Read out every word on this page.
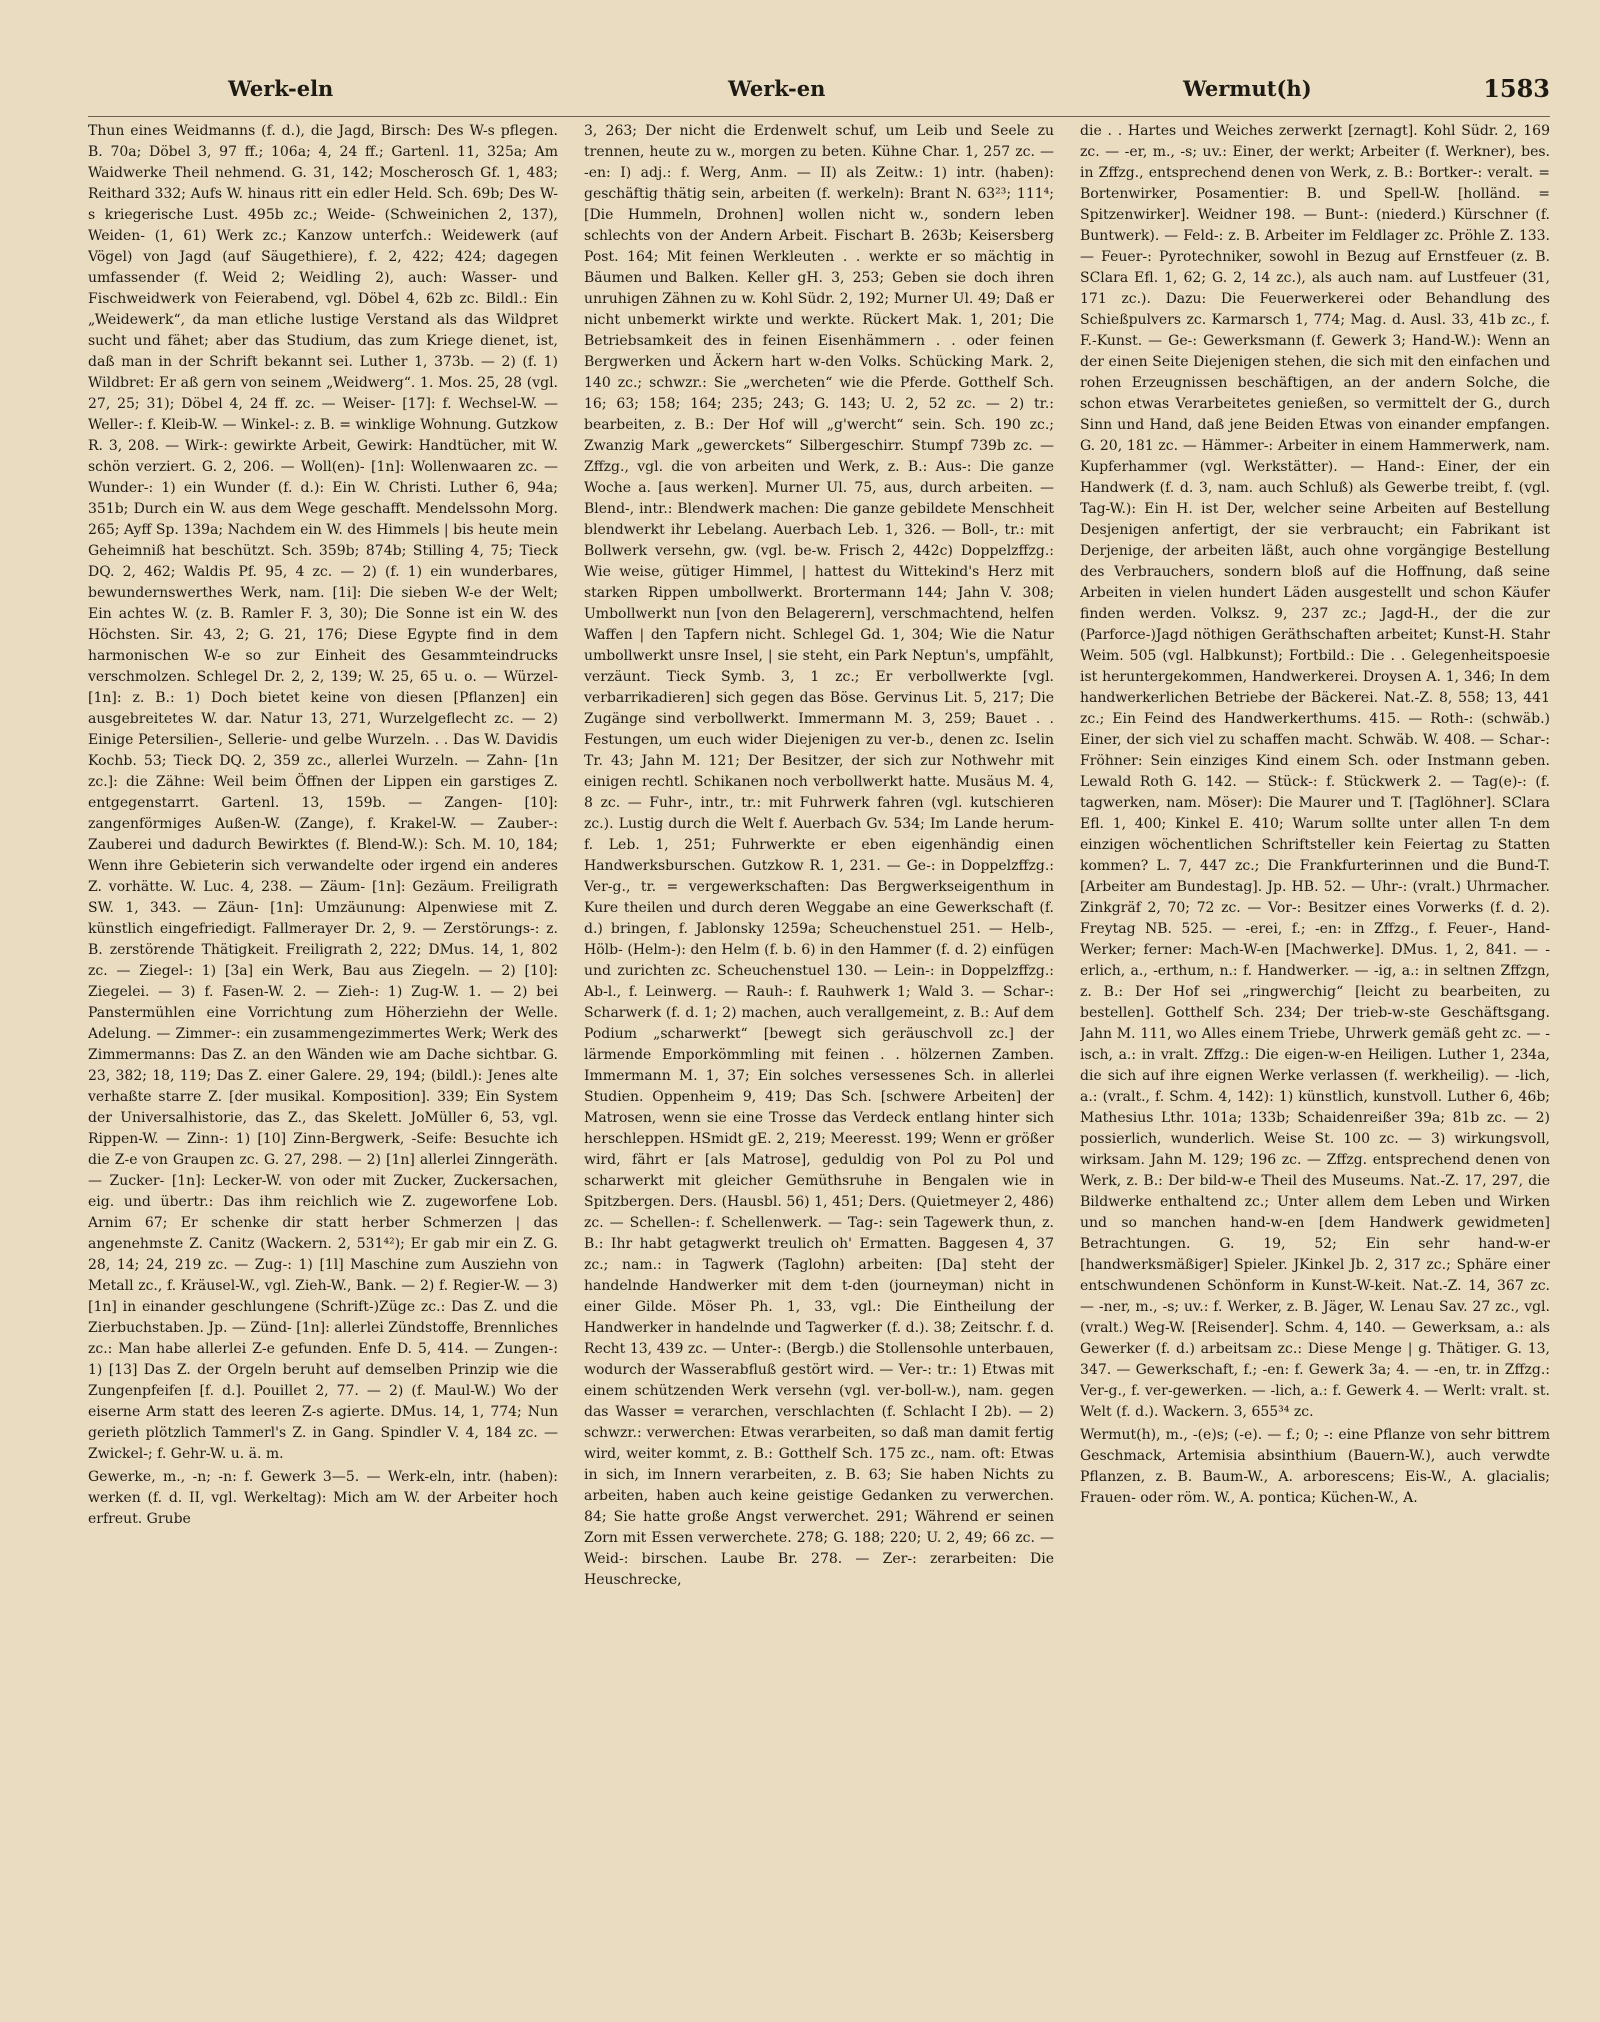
Werk-eln	Werk-en	Wermut(h)	1583

Thun eines Weidmanns (f. d.), die Jagd, Birsch: Des W-s pflegen. B. 70a; Döbel 3, 97 ff.; 106a; 4, 24 ff.; Gartenl. 11, 325a; Am Waidwerke Theil nehmend. G. 31, 142; Moscherosch Gf. 1, 483; Reithard 332; Aufs W. hinaus ritt ein edler Held. Sch. 69b; Des W-s kriegerische Lust. 495b zc.; Weide- (Schweinichen 2, 137), Weiden- (1, 61) Werk zc.; Kanzow unterfch.: Weidewerk (auf Vögel) von Jagd (auf Säugethiere), f. 2, 422; 424; dagegen umfassender (f. Weid 2; Weidling 2), auch: Wasser- und Fischweidwerk von Feierabend, vgl. Döbel 4, 62b zc. Bildl.: Ein „Weidewerk“, da man etliche lustige Verstand als das Wildpret sucht und fähet; aber das Studium, das zum Kriege dienet, ist, daß man in der Schrift bekannt sei. Luther 1, 373b. — 2) (f. 1) Wildbret: Er aß gern von seinem „Weidwerg“. 1. Mos. 25, 28 (vgl. 27, 25; 31); Döbel 4, 24 ff. zc. — Weiser- [17]: f. Wechsel-W. — Weller-: f. Kleib-W. — Winkel-: z. B. = winklige Wohnung. Gutzkow R. 3, 208. — Wirk-: gewirkte Arbeit, Gewirk: Handtücher, mit W. schön verziert. G. 2, 206. — Woll(en)- [1n]: Wollenwaaren zc. — Wunder-: 1) ein Wunder (f. d.): Ein W. Christi. Luther 6, 94a; 351b; Durch ein W. aus dem Wege geschafft. Mendelssohn Morg. 265; Ayff Sp. 139a; Nachdem ein W. des Himmels | bis heute mein Geheimniß hat beschützt. Sch. 359b; 874b; Stilling 4, 75; Tieck DQ. 2, 462; Waldis Pf. 95, 4 zc. — 2) (f. 1) ein wunderbares, bewundernswerthes Werk, nam. [1i]: Die sieben W-e der Welt; Ein achtes W. (z. B. Ramler F. 3, 30); Die Sonne ist ein W. des Höchsten. Sir. 43, 2; G. 21, 176; Diese Egypte find in dem harmonischen W-e so zur Einheit des Gesammteindrucks verschmolzen. Schlegel Dr. 2, 2, 139; W. 25, 65 u. o. — Würzel- [1n]: z. B.: 1) Doch bietet keine von diesen [Pflanzen] ein ausgebreitetes W. dar. Natur 13, 271, Wurzelgeflecht zc. — 2) Einige Petersilien-, Sellerie- und gelbe Wurzeln. . . Das W. Davidis Kochb. 53; Tieck DQ. 2, 359 zc., allerlei Wurzeln. — Zahn- [1n zc.]: die Zähne: Weil beim Öffnen der Lippen ein garstiges Z. entgegenstarrt. Gartenl. 13, 159b. — Zangen- [10]: zangenförmiges Außen-W. (Zange), f. Krakel-W. — Zauber-: Zauberei und dadurch Bewirktes (f. Blend-W.): Sch. M. 10, 184; Wenn ihre Gebieterin sich verwandelte oder irgend ein anderes Z. vorhätte. W. Luc. 4, 238. — Zäum- [1n]: Gezäum. Freiligrath SW. 1, 343. — Zäun- [1n]: Umzäunung: Alpenwiese mit Z. künstlich eingefriedigt. Fallmerayer Dr. 2, 9. — Zerstörungs-: z. B. zerstörende Thätigkeit. Freiligrath 2, 222; DMus. 14, 1, 802 zc. — Ziegel-: 1) [3a] ein Werk, Bau aus Ziegeln. — 2) [10]: Ziegelei. — 3) f. Fasen-W. 2. — Zieh-: 1) Zug-W. 1. — 2) bei Panstermühlen eine Vorrichtung zum Höherziehn der Welle. Adelung. — Zimmer-: ein zusammengezimmertes Werk; Werk des Zimmermanns: Das Z. an den Wänden wie am Dache sichtbar. G. 23, 382; 18, 119; Das Z. einer Galere. 29, 194; (bildl.): Jenes alte verhaßte starre Z. [der musikal. Komposition]. 339; Ein System der Universalhistorie, das Z., das Skelett. JoMüller 6, 53, vgl. Rippen-W. — Zinn-: 1) [10] Zinn-Bergwerk, -Seife: Besuchte ich die Z-e von Graupen zc. G. 27, 298. — 2) [1n] allerlei Zinngeräth. — Zucker- [1n]: Lecker-W. von oder mit Zucker, Zuckersachen, eig. und übertr.: Das ihm reichlich wie Z. zugeworfene Lob. Arnim 67; Er schenke dir statt herber Schmerzen | das angenehmste Z. Canitz (Wackern. 2, 531⁴²); Er gab mir ein Z. G. 28, 14; 24, 219 zc. — Zug-: 1) [1l] Maschine zum Ausziehn von Metall zc., f. Kräusel-W., vgl. Zieh-W., Bank. — 2) f. Regier-W. — 3) [1n] in einander geschlungene (Schrift-)Züge zc.: Das Z. und die Zierbuchstaben. Jp. — Zünd- [1n]: allerlei Zündstoffe, Brennliches zc.: Man habe allerlei Z-e gefunden. Enfe D. 5, 414. — Zungen-: 1) [13] Das Z. der Orgeln beruht auf demselben Prinzip wie die Zungenpfeifen [f. d.]. Pouillet 2, 77. — 2) (f. Maul-W.) Wo der eiserne Arm statt des leeren Z-s agierte. DMus. 14, 1, 774; Nun gerieth plötzlich Tammerl's Z. in Gang. Spindler V. 4, 184 zc. — Zwickel-; f. Gehr-W. u. ä. m.

Gewerke, m., -n; -n: f. Gewerk 3—5. — Werk-eln, intr. (haben): werken (f. d. II, vgl. Werkeltag): Mich am W. der Arbeiter hoch erfreut. Grube

3, 263; Der nicht die Erdenwelt schuf, um Leib und Seele zu trennen, heute zu w., morgen zu beten. Kühne Char. 1, 257 zc. — -en: I) adj.: f. Werg, Anm. — II) als Zeitw.: 1) intr. (haben): geschäftig thätig sein, arbeiten (f. werkeln): Brant N. 63²³; 111⁴; [Die Hummeln, Drohnen] wollen nicht w., sondern leben schlechts von der Andern Arbeit. Fischart B. 263b; Keisersberg Post. 164; Mit feinen Werkleuten . . werkte er so mächtig in Bäumen und Balken. Keller gH. 3, 253; Geben sie doch ihren unruhigen Zähnen zu w. Kohl Südr. 2, 192; Murner Ul. 49; Daß er nicht unbemerkt wirkte und werkte. Rückert Mak. 1, 201; Die Betriebsamkeit des in feinen Eisenhämmern . . oder feinen Bergwerken und Äckern hart w-den Volks. Schücking Mark. 2, 140 zc.; schwzr.: Sie „wercheten“ wie die Pferde. Gotthelf Sch. 16; 63; 158; 164; 235; 243; G. 143; U. 2, 52 zc. — 2) tr.: bearbeiten, z. B.: Der Hof will „g'wercht“ sein. Sch. 190 zc.; Zwanzig Mark „gewerckets“ Silbergeschirr. Stumpf 739b zc. — Zffzg., vgl. die von arbeiten und Werk, z. B.: Aus-: Die ganze Woche a. [aus werken]. Murner Ul. 75, aus, durch arbeiten. — Blend-, intr.: Blendwerk machen: Die ganze gebildete Menschheit blendwerkt ihr Lebelang. Auerbach Leb. 1, 326. — Boll-, tr.: mit Bollwerk versehn, gw. (vgl. be-w. Frisch 2, 442c) Doppelzffzg.: Wie weise, gütiger Himmel, | hattest du Wittekind's Herz mit starken Rippen umbollwerkt. Brortermann 144; Jahn V. 308; Umbollwerkt nun [von den Belagerern], verschmachtend, helfen Waffen | den Tapfern nicht. Schlegel Gd. 1, 304; Wie die Natur umbollwerkt unsre Insel, | sie steht, ein Park Neptun's, umpfählt, verzäunt. Tieck Symb. 3, 1 zc.; Er verbollwerkte [vgl. verbarrikadieren] sich gegen das Böse. Gervinus Lit. 5, 217; Die Zugänge sind verbollwerkt. Immermann M. 3, 259; Bauet . . Festungen, um euch wider Diejenigen zu ver-b., denen zc. Iselin Tr. 43; Jahn M. 121; Der Besitzer, der sich zur Nothwehr mit einigen rechtl. Schikanen noch verbollwerkt hatte. Musäus M. 4, 8 zc. — Fuhr-, intr., tr.: mit Fuhrwerk fahren (vgl. kutschieren zc.). Lustig durch die Welt f. Auerbach Gv. 534; Im Lande herum-f. Leb. 1, 251; Fuhrwerkte er eben eigenhändig einen Handwerksburschen. Gutzkow R. 1, 231. — Ge-: in Doppelzffzg.: Ver-g., tr. = vergewerkschaften: Das Bergwerkseigenthum in Kure theilen und durch deren Weggabe an eine Gewerkschaft (f. d.) bringen, f. Jablonsky 1259a; Scheuchenstuel 251. — Helb-, Hölb- (Helm-): den Helm (f. b. 6) in den Hammer (f. d. 2) einfügen und zurichten zc. Scheuchenstuel 130. — Lein-: in Doppelzffzg.: Ab-l., f. Leinwerg. — Rauh-: f. Rauhwerk 1; Wald 3. — Schar-: Scharwerk (f. d. 1; 2) machen, auch verallgemeint, z. B.: Auf dem Podium „scharwerkt“ [bewegt sich geräuschvoll zc.] der lärmende Emporkömmling mit feinen . . hölzernen Zamben. Immermann M. 1, 37; Ein solches versessenes Sch. in allerlei Studien. Oppenheim 9, 419; Das Sch. [schwere Arbeiten] der Matrosen, wenn sie eine Trosse das Verdeck entlang hinter sich herschleppen. HSmidt gE. 2, 219; Meeresst. 199; Wenn er größer wird, fährt er [als Matrose], geduldig von Pol zu Pol und scharwerkt mit gleicher Gemüthsruhe in Bengalen wie in Spitzbergen. Ders. (Hausbl. 56) 1, 451; Ders. (Quietmeyer 2, 486) zc. — Schellen-: f. Schellenwerk. — Tag-: sein Tagewerk thun, z. B.: Ihr habt getagwerkt treulich oh' Ermatten. Baggesen 4, 37 zc.; nam.: in Tagwerk (Taglohn) arbeiten: [Da] steht der handelnde Handwerker mit dem t-den (journeyman) nicht in einer Gilde. Möser Ph. 1, 33, vgl.: Die Eintheilung der Handwerker in handelnde und Tagwerker (f. d.). 38; Zeitschr. f. d. Recht 13, 439 zc. — Unter-: (Bergb.) die Stollensohle unterbauen, wodurch der Wasserabfluß gestört wird. — Ver-: tr.: 1) Etwas mit einem schützenden Werk versehn (vgl. ver-boll-w.), nam. gegen das Wasser = verarchen, verschlachten (f. Schlacht I 2b). — 2) schwzr.: verwerchen: Etwas verarbeiten, so daß man damit fertig wird, weiter kommt, z. B.: Gotthelf Sch. 175 zc., nam. oft: Etwas in sich, im Innern verarbeiten, z. B. 63; Sie haben Nichts zu arbeiten, haben auch keine geistige Gedanken zu verwerchen. 84; Sie hatte große Angst verwerchet. 291; Während er seinen Zorn mit Essen verwerchete. 278; G. 188; 220; U. 2, 49; 66 zc. — Weid-: birschen. Laube Br. 278. — Zer-: zerarbeiten: Die Heuschrecke,

die . . Hartes und Weiches zerwerkt [zernagt]. Kohl Südr. 2, 169 zc. — -er, m., -s; uv.: Einer, der werkt; Arbeiter (f. Werkner), bes. in Zffzg., entsprechend denen von Werk, z. B.: Bortker-: veralt. = Bortenwirker, Posamentier: B. und Spell-W. [holländ. = Spitzenwirker]. Weidner 198. — Bunt-: (niederd.) Kürschner (f. Buntwerk). — Feld-: z. B. Arbeiter im Feldlager zc. Pröhle Z. 133. — Feuer-: Pyrotechniker, sowohl in Bezug auf Ernstfeuer (z. B. SClara Efl. 1, 62; G. 2, 14 zc.), als auch nam. auf Lustfeuer (31, 171 zc.). Dazu: Die Feuerwerkerei oder Behandlung des Schießpulvers zc. Karmarsch 1, 774; Mag. d. Ausl. 33, 41b zc., f. F.-Kunst. — Ge-: Gewerksmann (f. Gewerk 3; Hand-W.): Wenn an der einen Seite Diejenigen stehen, die sich mit den einfachen und rohen Erzeugnissen beschäftigen, an der andern Solche, die schon etwas Verarbeitetes genießen, so vermittelt der G., durch Sinn und Hand, daß jene Beiden Etwas von einander empfangen. G. 20, 181 zc. — Hämmer-: Arbeiter in einem Hammerwerk, nam. Kupferhammer (vgl. Werkstätter). — Hand-: Einer, der ein Handwerk (f. d. 3, nam. auch Schluß) als Gewerbe treibt, f. (vgl. Tag-W.): Ein H. ist Der, welcher seine Arbeiten auf Bestellung Desjenigen anfertigt, der sie verbraucht; ein Fabrikant ist Derjenige, der arbeiten läßt, auch ohne vorgängige Bestellung des Verbrauchers, sondern bloß auf die Hoffnung, daß seine Arbeiten in vielen hundert Läden ausgestellt und schon Käufer finden werden. Volksz. 9, 237 zc.; Jagd-H., der die zur (Parforce-)Jagd nöthigen Geräthschaften arbeitet; Kunst-H. Stahr Weim. 505 (vgl. Halbkunst); Fortbild.: Die . . Gelegenheitspoesie ist heruntergekommen, Handwerkerei. Droysen A. 1, 346; In dem handwerkerlichen Betriebe der Bäckerei. Nat.-Z. 8, 558; 13, 441 zc.; Ein Feind des Handwerkerthums. 415. — Roth-: (schwäb.) Einer, der sich viel zu schaffen macht. Schwäb. W. 408. — Schar-: Fröhner: Sein einziges Kind einem Sch. oder Instmann geben. Lewald Roth G. 142. — Stück-: f. Stückwerk 2. — Tag(e)-: (f. tagwerken, nam. Möser): Die Maurer und T. [Taglöhner]. SClara Efl. 1, 400; Kinkel E. 410; Warum sollte unter allen T-n dem einzigen wöchentlichen Schriftsteller kein Feiertag zu Statten kommen? L. 7, 447 zc.; Die Frankfurterinnen und die Bund-T. [Arbeiter am Bundestag]. Jp. HB. 52. — Uhr-: (vralt.) Uhrmacher. Zinkgräf 2, 70; 72 zc. — Vor-: Besitzer eines Vorwerks (f. d. 2). Freytag NB. 525. — -erei, f.; -en: in Zffzg., f. Feuer-, Hand-Werker; ferner: Mach-W-en [Machwerke]. DMus. 1, 2, 841. — -erlich, a., -erthum, n.: f. Handwerker. — -ig, a.: in seltnen Zffzgn, z. B.: Der Hof sei „ringwerchig“ [leicht zu bearbeiten, zu bestellen]. Gotthelf Sch. 234; Der trieb-w-ste Geschäftsgang. Jahn M. 111, wo Alles einem Triebe, Uhrwerk gemäß geht zc. — -isch, a.: in vralt. Zffzg.: Die eigen-w-en Heiligen. Luther 1, 234a, die sich auf ihre eignen Werke verlassen (f. werkheilig). — -lich, a.: (vralt., f. Schm. 4, 142): 1) künstlich, kunstvoll. Luther 6, 46b; Mathesius Lthr. 101a; 133b; Schaidenreißer 39a; 81b zc. — 2) possierlich, wunderlich. Weise St. 100 zc. — 3) wirkungsvoll, wirksam. Jahn M. 129; 196 zc. — Zffzg. entsprechend denen von Werk, z. B.: Der bild-w-e Theil des Museums. Nat.-Z. 17, 297, die Bildwerke enthaltend zc.; Unter allem dem Leben und Wirken und so manchen hand-w-en [dem Handwerk gewidmeten] Betrachtungen. G. 19, 52; Ein sehr hand-w-er [handwerksmäßiger] Spieler. JKinkel Jb. 2, 317 zc.; Sphäre einer entschwundenen Schönform in Kunst-W-keit. Nat.-Z. 14, 367 zc. — -ner, m., -s; uv.: f. Werker, z. B. Jäger, W. Lenau Sav. 27 zc., vgl. (vralt.) Weg-W. [Reisender]. Schm. 4, 140. — Gewerksam, a.: als Gewerker (f. d.) arbeitsam zc.: Diese Menge | g. Thätiger. G. 13, 347. — Gewerkschaft, f.; -en: f. Gewerk 3a; 4. — -en, tr. in Zffzg.: Ver-g., f. ver-gewerken. — -lich, a.: f. Gewerk 4. — Werlt: vralt. st. Welt (f. d.). Wackern. 3, 655³⁴ zc.

Wermut(h), m., -(e)s; (-e). — f.; 0; -: eine Pflanze von sehr bittrem Geschmack, Artemisia absinthium (Bauern-W.), auch verwdte Pflanzen, z. B. Baum-W., A. arborescens; Eis-W., A. glacialis; Frauen- oder röm. W., A. pontica; Küchen-W., A.
